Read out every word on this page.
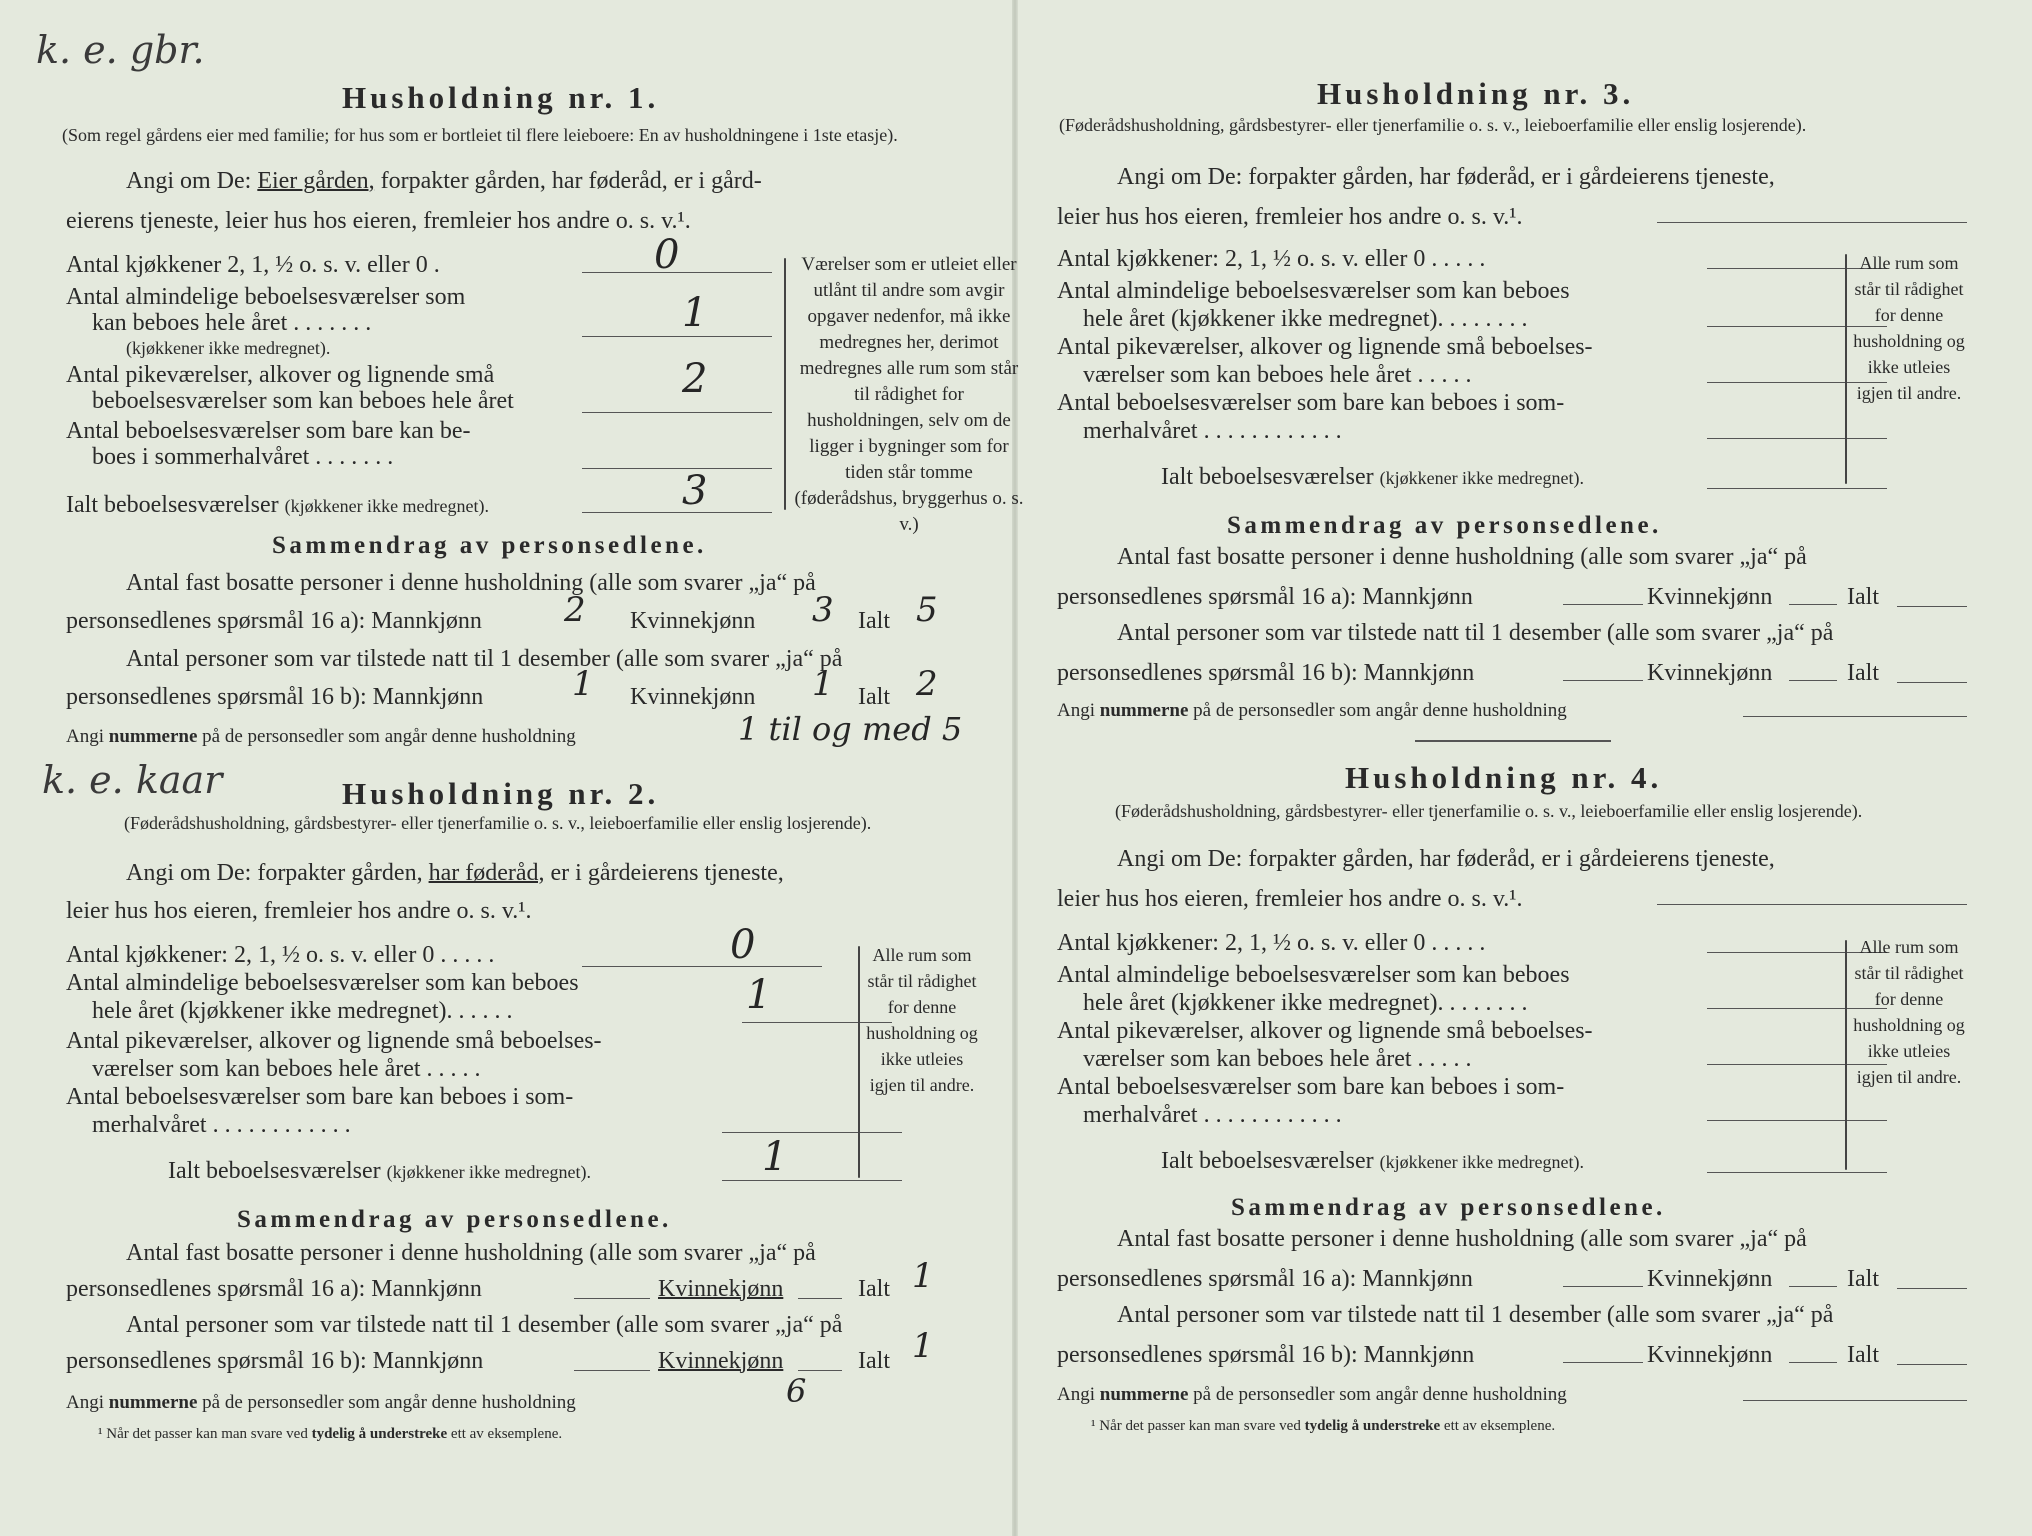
k. e. gbr.
Husholdning nr. 1.
(Som regel gårdens eier med familie; for hus som er bortleiet til flere leieboere: En av husholdningene i 1ste etasje).
Angi om De: Eier gården, forpakter gården, har føderåd, er i gård-
eierens tjeneste, leier hus hos eieren, fremleier hos andre o. s. v.¹.
Antal kjøkkener 2, 1, ½ o. s. v. eller 0 .	0
Antal almindelige beboelsesværelser som
kan beboes hele året . . . . . . .
(kjøkkener ikke medregnet).
1
Antal pikeværelser, alkover og lignende små
beboelsesværelser som kan beboes hele året	2
Antal beboelsesværelser som bare kan be-
boes i sommerhalvåret . . . . . . .
Ialt beboelsesværelser (kjøkkener ikke medregnet).	3
Værelser som er utleiet eller utlånt til andre som avgir opgaver nedenfor, må ikke medregnes her, derimot medregnes alle rum som står til rådighet for husholdningen, selv om de ligger i bygninger som for tiden står tomme (føderådshus, bryggerhus o. s. v.)
Sammendrag av personsedlene.
Antal fast bosatte personer i denne husholdning (alle som svarer „ja“ på
personsedlenes spørsmål 16 a): Mannkjønn 2 Kvinnekjønn 3 Ialt 5
Antal personer som var tilstede natt til 1 desember (alle som svarer „ja“ på
personsedlenes spørsmål 16 b): Mannkjønn	1 Kvinnekjønn 1 Ialt 2
Angi nummerne på de personsedler som angår denne husholdning	1 til og med 5
k. e. kaar	Husholdning nr. 2.
(Føderådshusholdning, gårdsbestyrer- eller tjenerfamilie o. s. v., leieboerfamilie eller enslig losjerende).
Angi om De: forpakter gården, har føderåd, er i gårdeierens tjeneste,
leier hus hos eieren, fremleier hos andre o. s. v.¹.
Antal kjøkkener: 2, 1, ½ o. s. v. eller 0 . . . . .	0
Antal almindelige beboelsesværelser som kan beboes
hele året (kjøkkener ikke medregnet). . . . . .	1
Antal pikeværelser, alkover og lignende små beboelses-
værelser som kan beboes hele året . . . . .
Antal beboelsesværelser som bare kan beboes i som-
merhalvåret . . . . . . . . . . . .
Ialt beboelsesværelser (kjøkkener ikke medregnet).	1
Alle rum som står til rådighet for denne husholdning og ikke utleies igjen til andre.
Sammendrag av personsedlene.
Antal fast bosatte personer i denne husholdning (alle som svarer „ja“ på
personsedlenes spørsmål 16 a): Mannkjønn	Kvinnekjønn	Ialt 1
Antal personer som var tilstede natt til 1 desember (alle som svarer „ja“ på
personsedlenes spørsmål 16 b): Mannkjønn	Kvinnekjønn	Ialt 1
Angi nummerne på de personsedler som angår denne husholdning	6
¹ Når det passer kan man svare ved tydelig å understreke ett av eksemplene.
Husholdning nr. 3.
(Føderådshusholdning, gårdsbestyrer- eller tjenerfamilie o. s. v., leieboerfamilie eller enslig losjerende).
Angi om De: forpakter gården, har føderåd, er i gårdeierens tjeneste,
leier hus hos eieren, fremleier hos andre o. s. v.¹.
Antal kjøkkener: 2, 1, ½ o. s. v. eller 0 . . . . .
Antal almindelige beboelsesværelser som kan beboes
hele året (kjøkkener ikke medregnet). . . . . . . .
Antal pikeværelser, alkover og lignende små beboelses-
værelser som kan beboes hele året . . . . .
Antal beboelsesværelser som bare kan beboes i som-
merhalvåret . . . . . . . . . . . .
Ialt beboelsesværelser (kjøkkener ikke medregnet).
Alle rum som står til rådighet for denne husholdning og ikke utleies igjen til andre.
Sammendrag av personsedlene.
Antal fast bosatte personer i denne husholdning (alle som svarer „ja“ på
personsedlenes spørsmål 16 a): Mannkjønn	Kvinnekjønn	Ialt
Antal personer som var tilstede natt til 1 desember (alle som svarer „ja“ på
personsedlenes spørsmål 16 b): Mannkjønn	Kvinnekjønn	Ialt
Angi nummerne på de personsedler som angår denne husholdning
Husholdning nr. 4.
(Føderådshusholdning, gårdsbestyrer- eller tjenerfamilie o. s. v., leieboerfamilie eller enslig losjerende).
Angi om De: forpakter gården, har føderåd, er i gårdeierens tjeneste,
leier hus hos eieren, fremleier hos andre o. s. v.¹.
Antal kjøkkener: 2, 1, ½ o. s. v. eller 0 . . . . .
Antal almindelige beboelsesværelser som kan beboes
hele året (kjøkkener ikke medregnet). . . . . . . .
Antal pikeværelser, alkover og lignende små beboelses-
værelser som kan beboes hele året . . . . .
Antal beboelsesværelser som bare kan beboes i som-
merhalvåret . . . . . . . . . . . .
Ialt beboelsesværelser (kjøkkener ikke medregnet).
Alle rum som står til rådighet for denne husholdning og ikke utleies igjen til andre.
Sammendrag av personsedlene.
Antal fast bosatte personer i denne husholdning (alle som svarer „ja“ på
personsedlenes spørsmål 16 a): Mannkjønn	Kvinnekjønn	Ialt
Antal personer som var tilstede natt til 1 desember (alle som svarer „ja“ på
personsedlenes spørsmål 16 b): Mannkjønn	Kvinnekjønn	Ialt
Angi nummerne på de personsedler som angår denne husholdning
¹ Når det passer kan man svare ved tydelig å understreke ett av eksemplene.
